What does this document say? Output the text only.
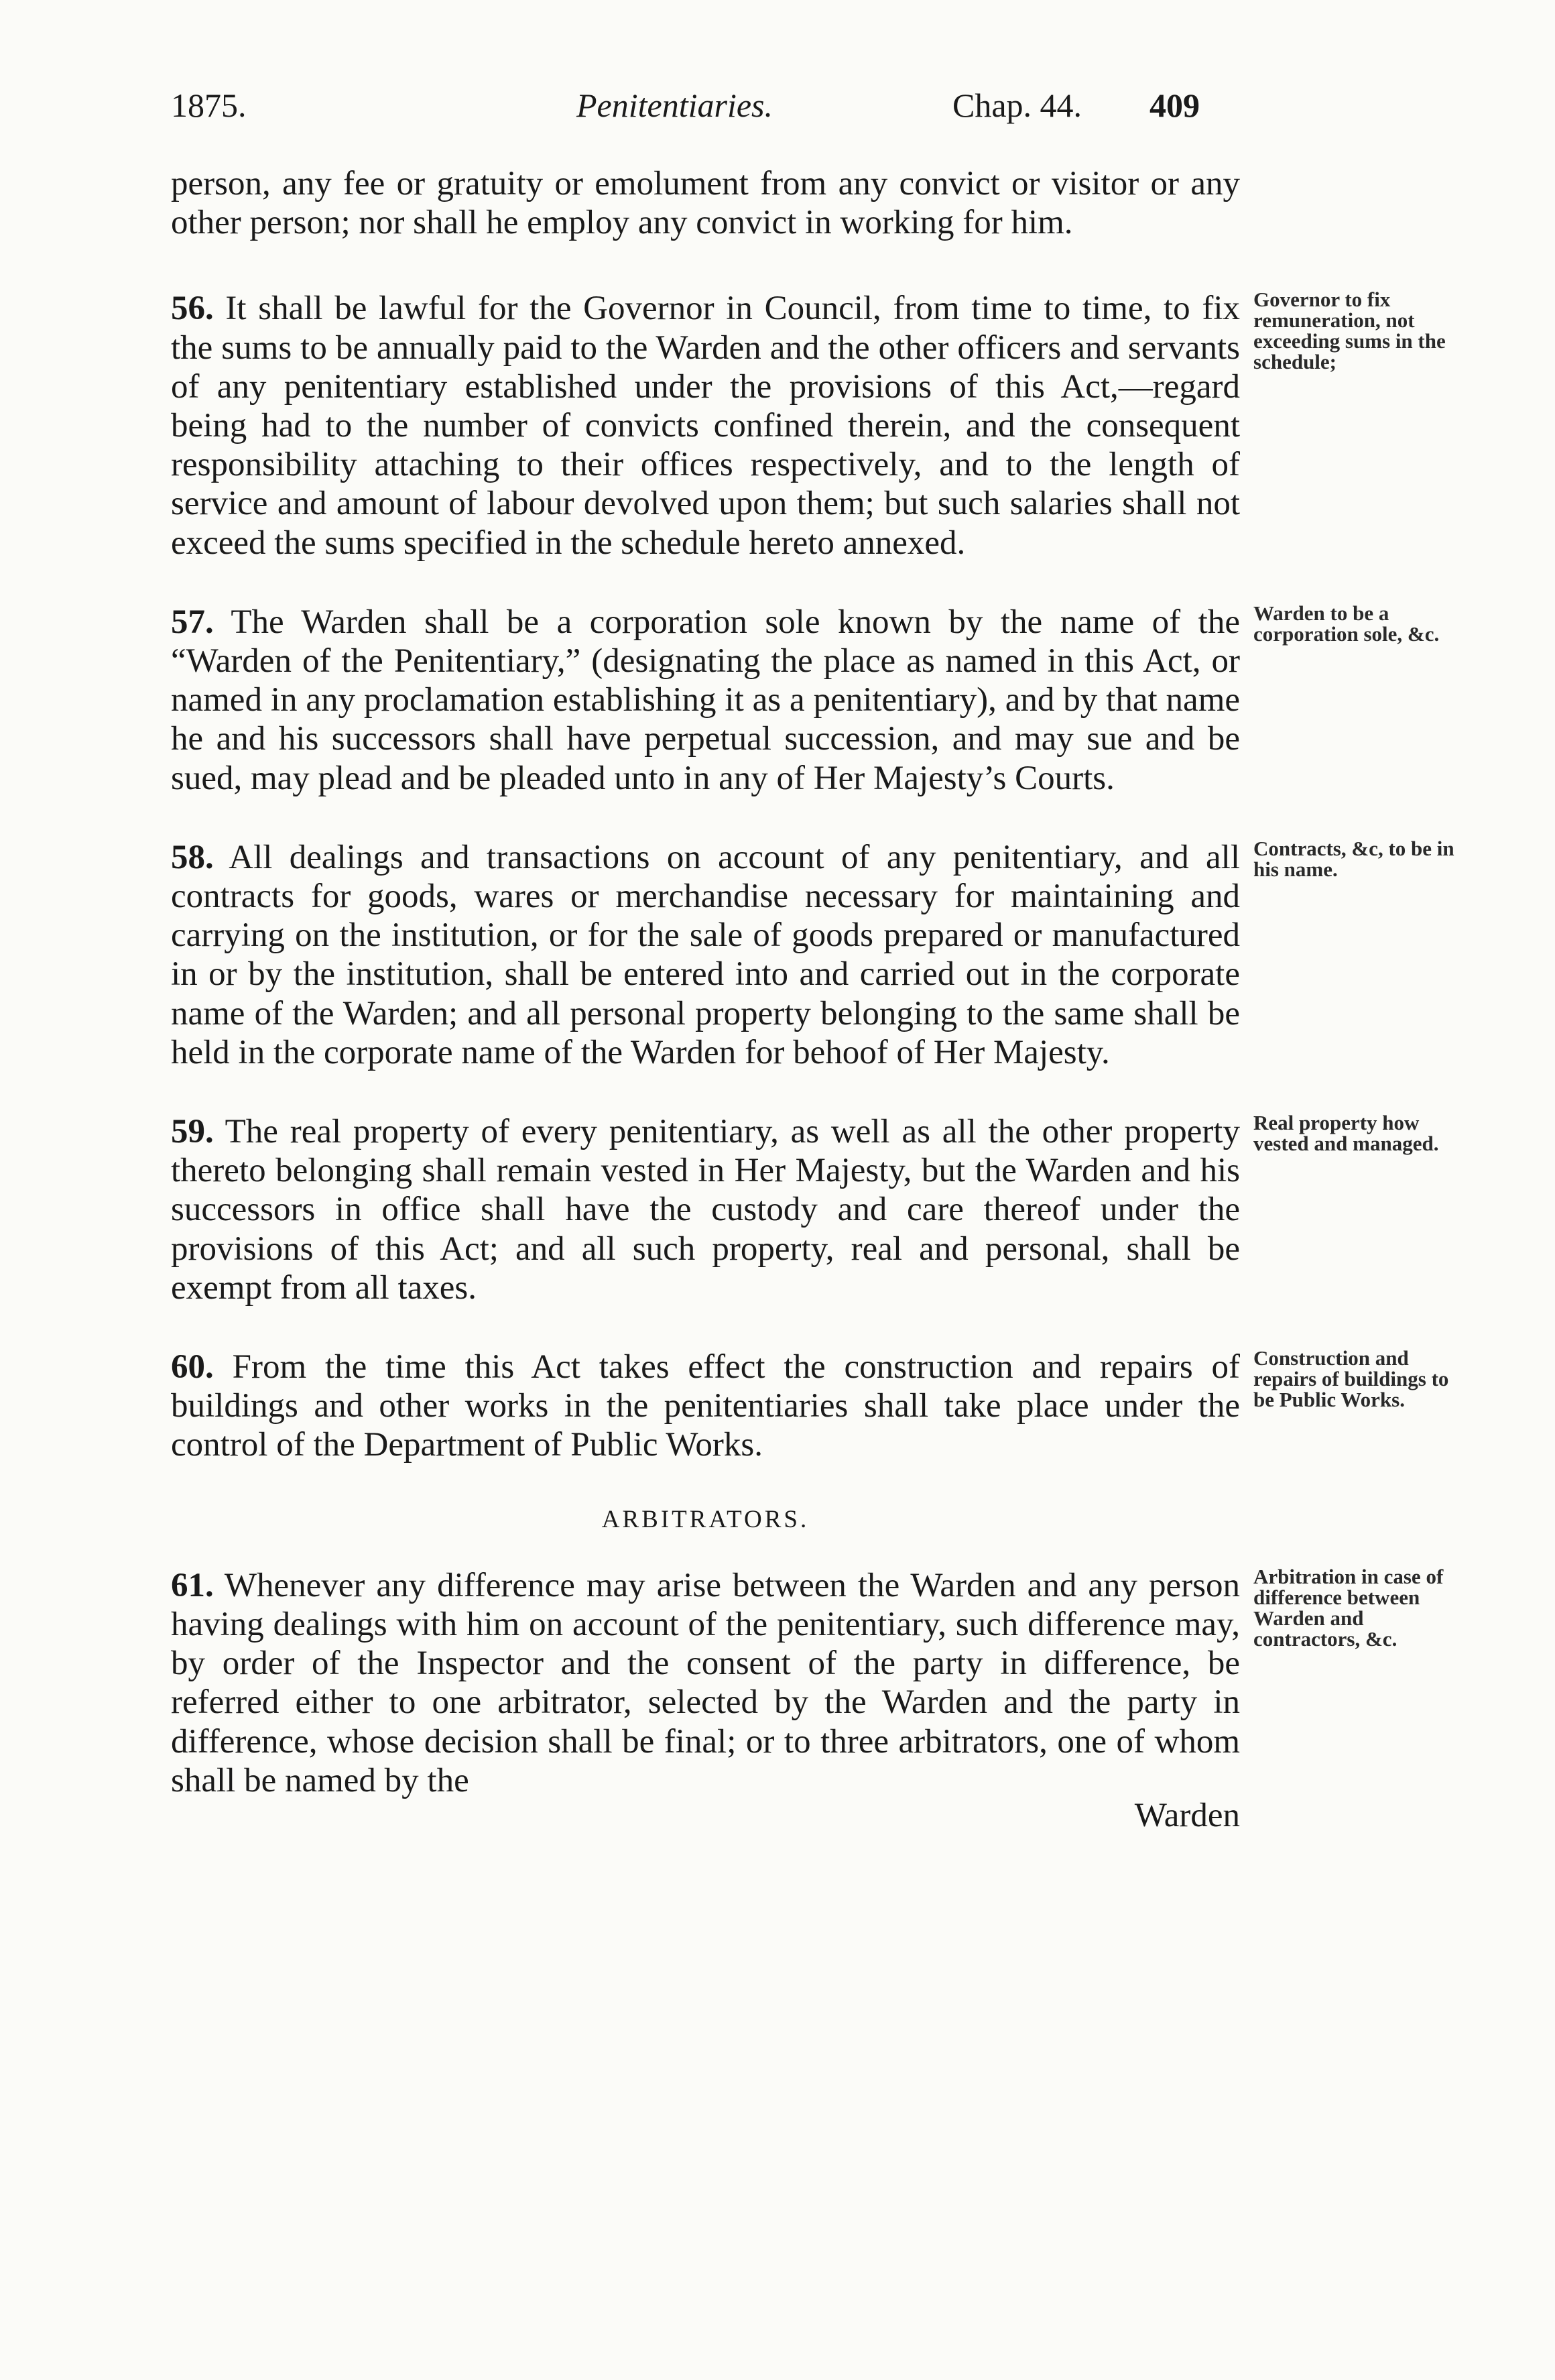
1875.	Penitentiaries.	Chap. 44. 409

person, any fee or gratuity or emolument from any convict or visitor or any other person; nor shall he employ any convict in working for him.

Governor to fix remuneration, not exceeding sums in the schedule;
56. It shall be lawful for the Governor in Council, from time to time, to fix the sums to be annually paid to the Warden and the other officers and servants of any penitentiary established under the provisions of this Act,—regard being had to the number of convicts confined therein, and the consequent responsibility attaching to their offices respectively, and to the length of service and amount of labour devolved upon them; but such salaries shall not exceed the sums specified in the schedule hereto annexed.
Warden to be a corporation sole, &c.
57. The Warden shall be a corporation sole known by the name of the “Warden of the Penitentiary,” (designating the place as named in this Act, or named in any proclamation establishing it as a penitentiary), and by that name he and his successors shall have perpetual succession, and may sue and be sued, may plead and be pleaded unto in any of Her Majesty’s Courts.
Contracts, &c, to be in his name.
58. All dealings and transactions on account of any penitentiary, and all contracts for goods, wares or merchandise necessary for maintaining and carrying on the institution, or for the sale of goods prepared or manufactured in or by the institution, shall be entered into and carried out in the corporate name of the Warden; and all personal property belonging to the same shall be held in the corporate name of the Warden for behoof of Her Majesty.
Real property how vested and managed.
59. The real property of every penitentiary, as well as all the other property thereto belonging shall remain vested in Her Majesty, but the Warden and his successors in office shall have the custody and care thereof under the provisions of this Act; and all such property, real and personal, shall be exempt from all taxes.
Construction and repairs of buildings to be Public Works.
60. From the time this Act takes effect the construction and repairs of buildings and other works in the penitentiaries shall take place under the control of the Department of Public Works.
ARBITRATORS.
Arbitration in case of difference between Warden and contractors, &c.
61. Whenever any difference may arise between the Warden and any person having dealings with him on account of the penitentiary, such difference may, by order of the Inspector and the consent of the party in difference, be referred either to one arbitrator, selected by the Warden and the party in difference, whose decision shall be final; or to three arbitrators, one of whom shall be named by the
Warden
